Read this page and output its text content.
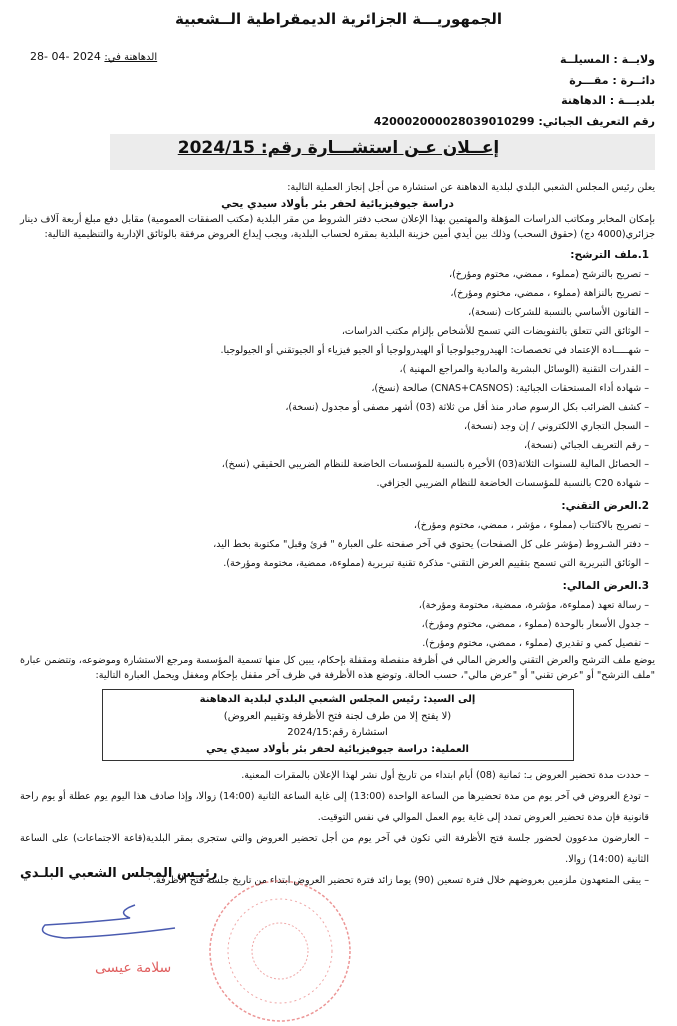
الجمهوريـــة الجزائرية الديمقراطية الــشعبية
ولايــة : المسيلــة
دائــرة : مقـــرة
بلديـــة : الدهاهنة
رقم التعريف الجبائي: 420002000028039010299
28- 04- 2024 الدهاهنة في:
إعــلان عـن استشـــارة رقم: 2024/15

يعلن رئيس المجلس الشعبي البلدي لبلدية الدهاهنة عن استشارة من أجل إنجاز العملية التالية:

دراسة جيوفيزيائية لحفر بئر بأولاد سيدي يحي

بإمكان المخابر ومكاتب الدراسات المؤهلة والمهتمين بهذا الإعلان سحب دفتر الشروط من مقر البلدية (مكتب الصفقات العمومية) مقابل دفع مبلغ أربعة آلاف دينار جزائري(4000 دج) (حقوق السحب) وذلك بين أيدي أمين خزينة البلدية بمقرة لحساب البلدية، ويجب إيداع العروض مرفقة بالوثائق الإدارية والتنظيمية التالية:

1.ملف الترشح:

– تصريح بالترشح (مملوء ، ممضي، مختوم ومؤرخ)،
– تصريح بالنزاهة (مملوء ، ممضي، مختوم ومؤرخ)،
– القانون الأساسي بالنسبة للشركات (نسخة)،
– الوثائق التي تتعلق بالتفويضات التي تسمح للأشخاص بإلزام مكتب الدراسات،
– شهـــــادة الإعتماد في تخصصات: الهيدروجيولوجيا أو الهيدرولوجيا أو الجيو فيزياء أو الجيوتقني أو الجيولوجيا.
– القدرات التقنية (الوسائل البشرية والمادية والمراجع المهنية )،
– شهادة أداء المستحقات الجبائية: (CNAS+CASNOS) صالحة (نسخ)،
– كشف الضرائب بكل الرسوم صادر منذ أقل من ثلاثة (03) أشهر مصفى أو مجدول (نسخة)،
– السجل التجاري الالكتروني / إن وجد (نسخة)،
– رقم التعريف الجبائي (نسخة)،
– الحصائل المالية للسنوات الثلاثة(03) الأخيرة بالنسبة للمؤسسات الخاضعة للنظام الضريبي الحقيقي (نسخ)،
– شهادة C20 بالنسبة للمؤسسات الخاضعة للنظام الضريبي الجزافي.

2.العرض التقني:

– تصريح بالاكتتاب (مملوء ، مؤشر ، ممضي، مختوم ومؤرخ)،
– دفتر الشـروط (مؤشر على كل الصفحات) يحتوي في آخر صفحته على العبارة " قرئ وقبل" مكتوبة بخط اليد،
– الوثائق التبريرية التي تسمح بتقييم العرض التقني- مذكرة تقنية تبريرية (مملوءة، ممضية، مختومة ومؤرخة).

3.العرض المالي:

– رسالة تعهد (مملوءة، مؤشرة، ممضية، مختومة ومؤرخة)،
– جدول الأسعار بالوحدة (مملوء ، ممضي، مختوم ومؤرخ)،
– تفصيل كمي و تقديري (مملوء ، ممضي، مختوم ومؤرخ).

يوضع ملف الترشح والعرض التقني والعرض المالي في أظرفة منفصلة ومقفلة بإحكام، يبين كل منها تسمية المؤسسة ومرجع الاستشارة وموضوعه، وتتضمن عبارة "ملف الترشح" أو "عرض تقني" أو "عرض مالي"، حسب الحالة. وتوضع هذه الأظرفة في ظرف آخر مقفل بإحكام ومغفل ويحمل العبارة التالية:

إلى السيد: رئيس المجلس الشعبي البلدي لبلدية الدهاهنة
(لا يفتح إلا من طرف لجنة فتح الأظرفة وتقييم العروض)
استشارة رقم:2024/15
العملية: دراسة جيوفيزيائية لحفر بئر بأولاد سيدي يحي
– حددت مدة تحضير العروض بـ: ثمانية (08) أيام ابتداء من تاريخ أول نشر لهذا الإعلان بالمقرات المعنية.
– تودع العروض في آخر يوم من مدة تحضيرها من الساعة الواحدة (13:00) إلى غاية الساعة الثانية (14:00) زوالا، وإذا صادف هذا اليوم يوم عطلة أو يوم راحة قانونية فإن مدة تحضير العروض تمدد إلى غاية يوم العمل الموالي في نفس التوقيت.
– العارضون مدعوون لحضور جلسة فتح الأظرفة التي تكون في آخر يوم من أجل تحضير العروض والتي ستجرى بمقر البلدية(قاعة الاجتماعات) على الساعة الثانية (14:00) زوالا.
– يبقى المتعهدون ملزمين بعروضهم خلال فترة تسعين (90) يوما زائد فترة تحضير العروض ابتداء من تاريخ جلسة فتح الأظرفة.
رئيـس المجلس الشعبي البلـدي
سلامة عيسى
